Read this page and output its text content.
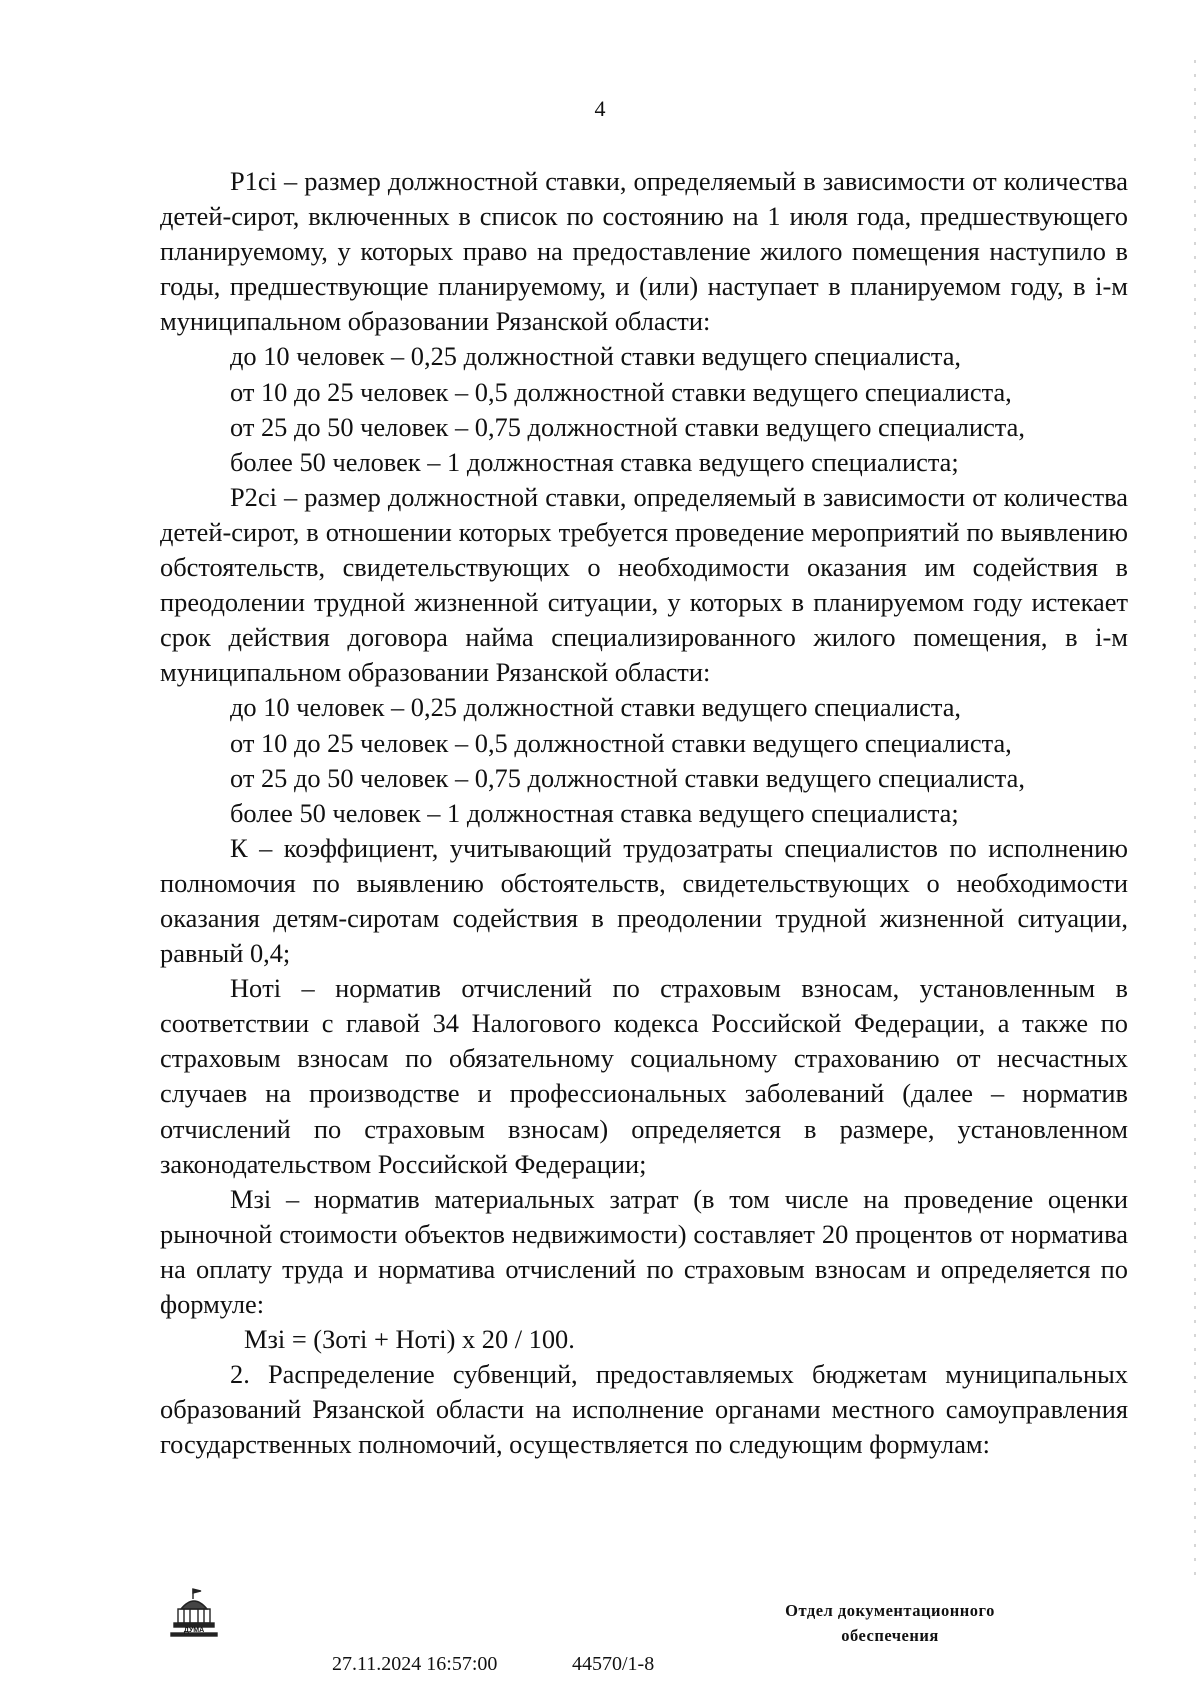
4

P1ci – размер должностной ставки, определяемый в зависимости от количества детей-сирот, включенных в список по состоянию на 1 июля года, предшествующего планируемому, у которых право на предоставление жилого помещения наступило в годы, предшествующие планируемому, и (или) наступает в планируемом году, в i-м муниципальном образовании Рязанской области:

до 10 человек – 0,25 должностной ставки ведущего специалиста,

от 10 до 25 человек – 0,5 должностной ставки ведущего специалиста,

от 25 до 50 человек – 0,75 должностной ставки ведущего специалиста,

более 50 человек – 1 должностная ставка ведущего специалиста;

P2ci – размер должностной ставки, определяемый в зависимости от количества детей-сирот, в отношении которых требуется проведение мероприятий по выявлению обстоятельств, свидетельствующих о необходимости оказания им содействия в преодолении трудной жизненной ситуации, у которых в планируемом году истекает срок действия договора найма специализированного жилого помещения, в i-м муниципальном образовании Рязанской области:

до 10 человек – 0,25 должностной ставки ведущего специалиста,

от 10 до 25 человек – 0,5 должностной ставки ведущего специалиста,

от 25 до 50 человек – 0,75 должностной ставки ведущего специалиста,

более 50 человек – 1 должностная ставка ведущего специалиста;

К – коэффициент, учитывающий трудозатраты специалистов по исполнению полномочия по выявлению обстоятельств, свидетельствующих о необходимости оказания детям-сиротам содействия в преодолении трудной жизненной ситуации, равный 0,4;

Нoтi – норматив отчислений по страховым взносам, установленным в соответствии с главой 34 Налогового кодекса Российской Федерации, а также по страховым взносам по обязательному социальному страхованию от несчастных случаев на производстве и профессиональных заболеваний (далее – норматив отчислений по страховым взносам) определяется в размере, установленном законодательством Российской Федерации;

Мзi – норматив материальных затрат (в том числе на проведение оценки рыночной стоимости объектов недвижимости) составляет 20 процентов от норматива на оплату труда и норматива отчислений по страховым взносам и определяется по формуле:

Мзi = (Зoтi + Нoтi) x 20 / 100.

2. Распределение субвенций, предоставляемых бюджетам муниципальных образований Рязанской области на исполнение органами местного самоуправления государственных полномочий, осуществляется по следующим формулам:

ДУМА
27.11.2024 16:57:00	44570/1-8
Отдел документационного
обеспечения
